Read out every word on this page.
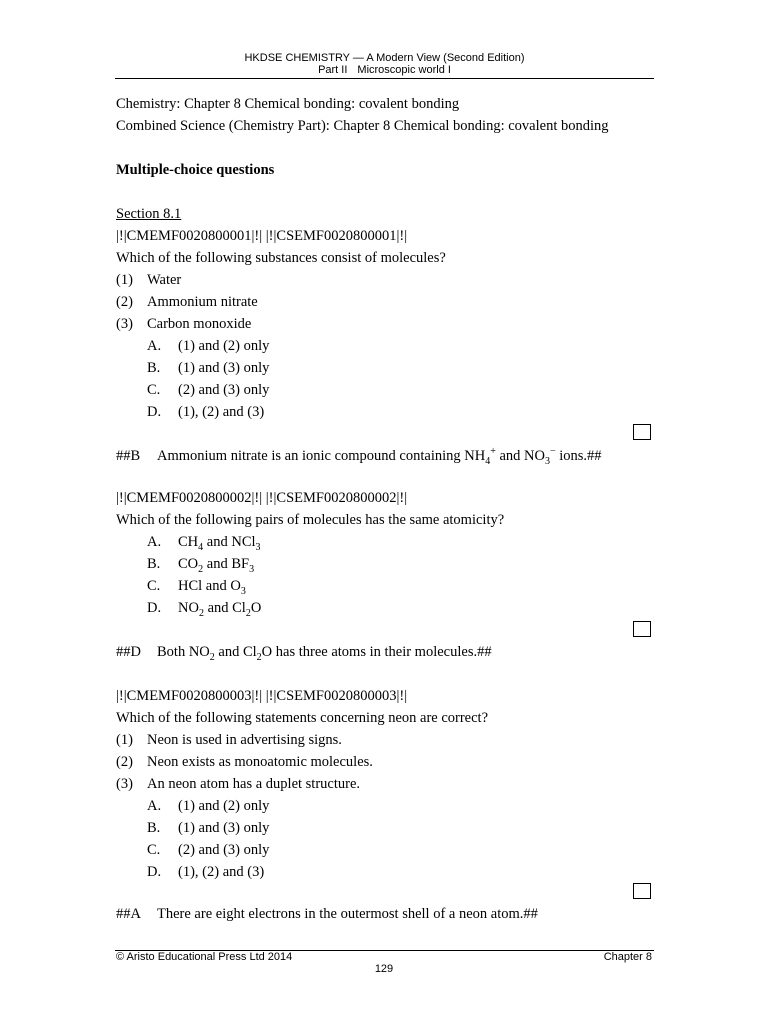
HKDSE CHEMISTRY — A Modern View (Second Edition)
Part II Microscopic world I
Chemistry: Chapter 8 Chemical bonding: covalent bonding
Combined Science (Chemistry Part): Chapter 8 Chemical bonding: covalent bonding
Multiple-choice questions
Section 8.1
|!|CMEMF0020800001|!| |!|CSEMF0020800001|!|
Which of the following substances consist of molecules?
(1) Water
(2) Ammonium nitrate
(3) Carbon monoxide
A. (1) and (2) only
B. (1) and (3) only
C. (2) and (3) only
D. (1), (2) and (3)
##B Ammonium nitrate is an ionic compound containing $NH_4^+$ and $NO_3^-$ ions.##
|!|CMEMF0020800002|!| |!|CSEMF0020800002|!|
Which of the following pairs of molecules has the same atomicity?
A. $CH_4$ and NCl$_3$
B. $CO_2$ and $BF_3$
C. HCl and $O_3$
D. $NO_2$ and $Cl_2O$
##D Both $NO_2$ and $Cl_2O$ has three atoms in their molecules.##
|!|CMEMF0020800003|!| |!|CSEMF0020800003|!|
Which of the following statements concerning neon are correct?
(1) Neon is used in advertising signs.
(2) Neon exists as monoatomic molecules.
(3) An neon atom has a duplet structure.
A. (1) and (2) only
B. (1) and (3) only
C. (2) and (3) only
D. (1), (2) and (3)
##A There are eight electrons in the outermost shell of a neon atom.##
© Aristo Educational Press Ltd 2014	Chapter 8
129
